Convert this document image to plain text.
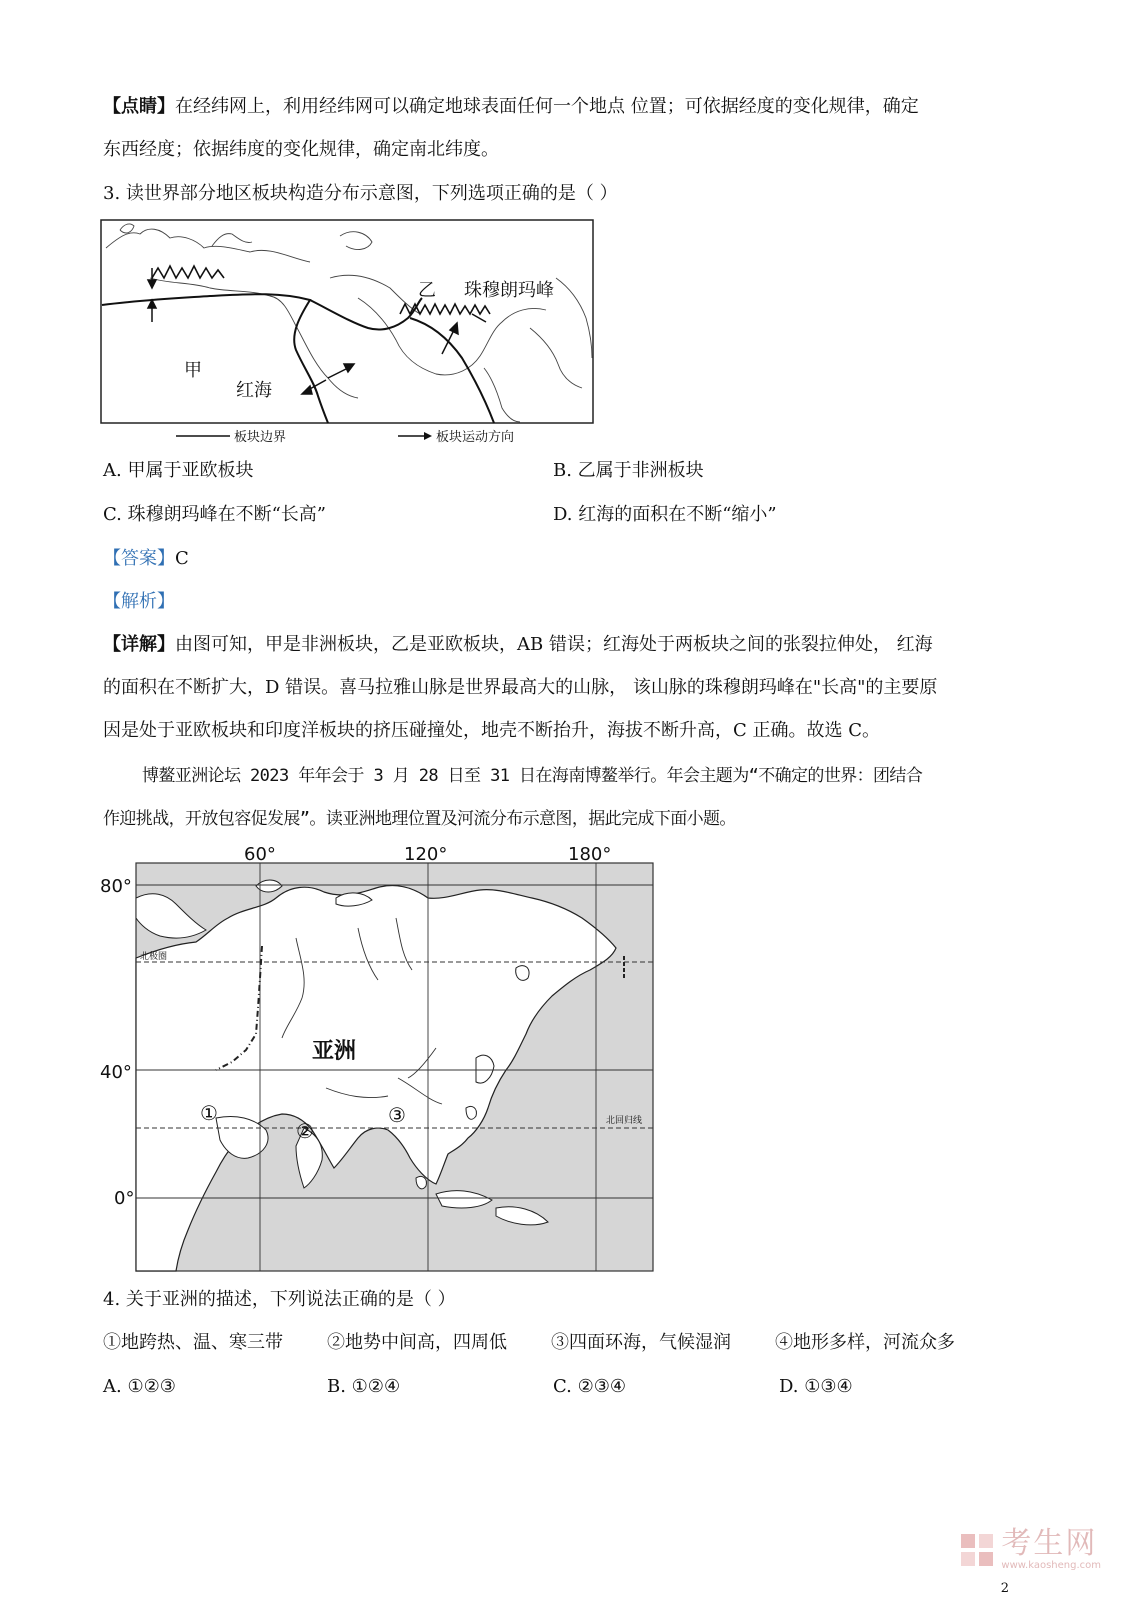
【点睛】在经纬网上，利用经纬网可以确定地球表面任何一个地点 位置；可依据经度的变化规律，确定
东西经度；依据纬度的变化规律，确定南北纬度。
3. 读世界部分地区板块构造分布示意图，下列选项正确的是（ ）
甲
乙 珠穆朗玛峰
红海
板块边界	板块运动方向
A. 甲属于亚欧板块	B. 乙属于非洲板块
C. 珠穆朗玛峰在不断“长高”	D. 红海的面积在不断“缩小”
【答案】C
【解析】
【详解】由图可知，甲是非洲板块，乙是亚欧板块，AB 错误；红海处于两板块之间的张裂拉伸处， 红海
的面积在不断扩大，D 错误。喜马拉雅山脉是世界最高大的山脉， 该山脉的珠穆朗玛峰在"长高"的主要原
因是处于亚欧板块和印度洋板块的挤压碰撞处，地壳不断抬升，海拔不断升高，C 正确。故选 C。
博鳌亚洲论坛 2023 年年会于 3 月 28 日至 31 日在海南博鳌举行。年会主题为“不确定的世界：团结合
作迎挑战，开放包容促发展”。读亚洲地理位置及河流分布示意图，据此完成下面小题。
60°	120°	180°
80°
40°
0°
北极圈
北回归线
亚洲
①
②
③
4. 关于亚洲的描述，下列说法正确的是（ ）
①地跨热、温、寒三带 ②地势中间高，四周低 ③四面环海，气候湿润 ④地形多样，河流众多
A. ①②③	B. ①②④	C. ②③④	D. ①③④
考生网
www.kaosheng.com
2
